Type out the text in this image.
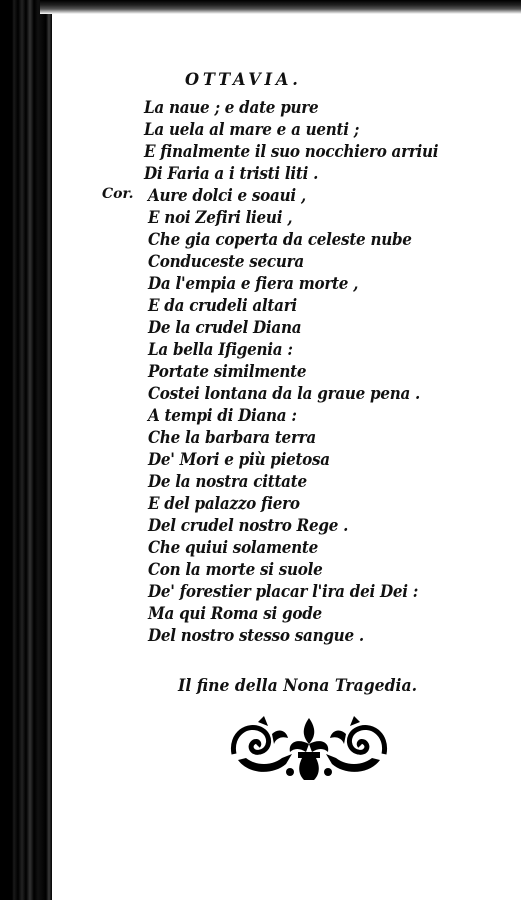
OTTAVIA.
Cor.
La naue ; e date pure
La uela al mare e a uenti ;
E finalmente il suo nocchiero arriui
Di Faria a i tristi liti .
Aure dolci e soaui ,
E noi Zefiri lieui ,
Che gia coperta da celeste nube
Conduceste secura
Da l'empia e fiera morte ,
E da crudeli altari
De la crudel Diana
La bella Ifigenia :
Portate similmente
Costei lontana da la graue pena .
A tempi di Diana :
Che la barbara terra
De' Mori e più pietosa
De la nostra cittate
E del palazzo fiero
Del crudel nostro Rege .
Che quiui solamente
Con la morte si suole
De' forestier placar l'ira dei Dei :
Ma qui Roma si gode
Del nostro stesso sangue .
Il fine della Nona Tragedia.
